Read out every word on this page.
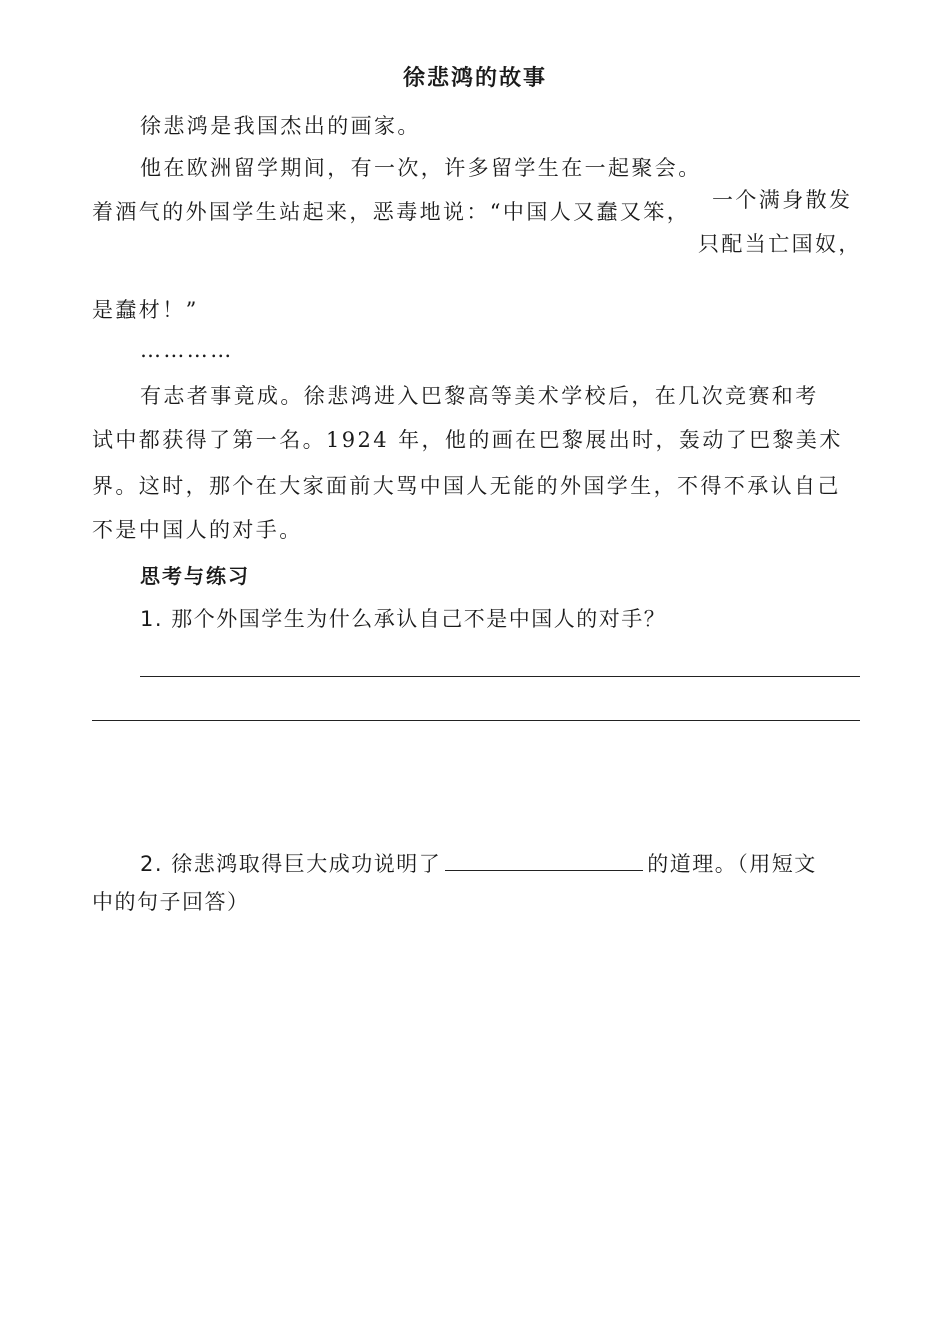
徐悲鸿的故事
徐悲鸿是我国杰出的画家。
他在欧洲留学期间，有一次，许多留学生在一起聚会。
着酒气的外国学生站起来，恶毒地说：“中国人又蠢又笨， 一个满身散发
只配当亡国奴，
是蠢材！”
…………
有志者事竟成。徐悲鸿进入巴黎高等美术学校后，在几次竞赛和考
试中都获得了第一名。1924 年，他的画在巴黎展出时，轰动了巴黎美术
界。这时，那个在大家面前大骂中国人无能的外国学生，不得不承认自己
不是中国人的对手。
思考与练习
1. 那个外国学生为什么承认自己不是中国人的对手？
2. 徐悲鸿取得巨大成功说明了	的道理。（用短文
中的句子回答）
